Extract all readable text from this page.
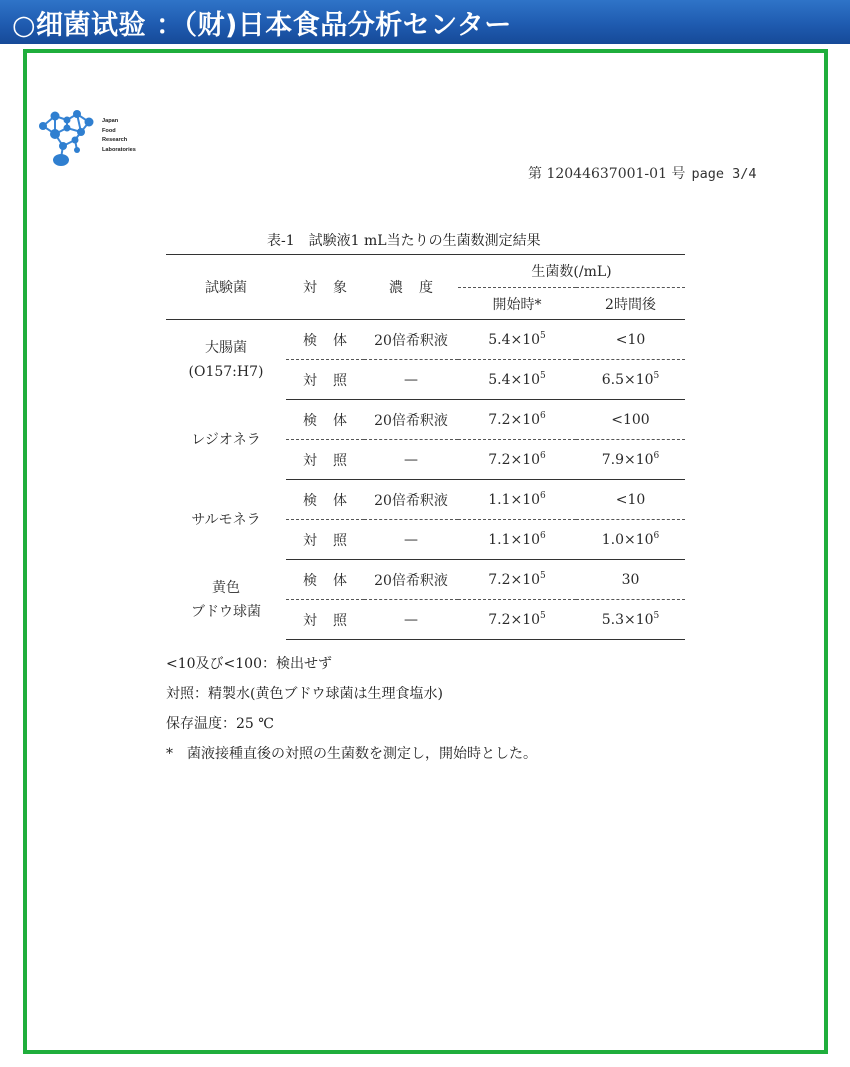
○细菌试验 ：（财)日本食品分析センター
Japan
Food
Research
Laboratories
第 12044637001-01 号 page 3/4
表-1　試験液1 mL当たりの生菌数測定結果
試験菌	対象	濃度	生菌数(/mL)	
			開始時*	2時間後

大腸菌
(O157:H7)	検体	20倍希釈液	$5.4\times 10^5$	<10
	対照	—	$5.4\times 10^5$	$6.5\times 10^5$

レジオネラ	検体	20倍希釈液	$7.2\times 10^6$	<100
	対照	—	$7.2\times 10^6$	$7.9\times 10^6$

サルモネラ	検体	20倍希釈液	$1.1\times 10^6$	<10
	対照	—	$1.1\times 10^6$	$1.0\times 10^6$

黄色
ブドウ球菌	検体	20倍希釈液	$7.2\times 10^5$	30
	対照	—	$7.2\times 10^5$	$5.3\times 10^5$
<10及び<100：検出せず
対照：精製水(黄色ブドウ球菌は生理食塩水)
保存温度：25 ℃
*　菌液接種直後の対照の生菌数を測定し，開始時とした。
